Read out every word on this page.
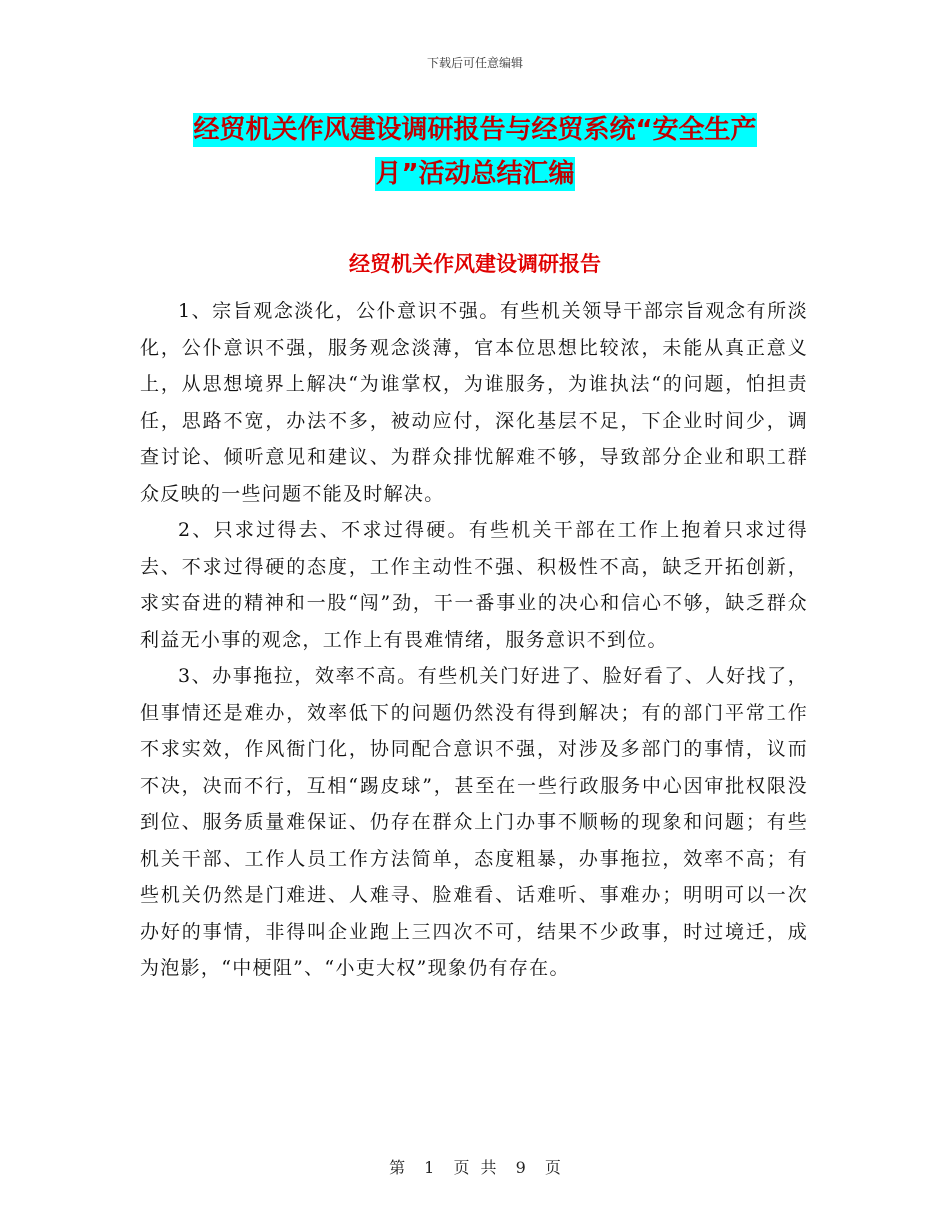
下载后可任意编辑
经贸机关作风建设调研报告与经贸系统“安全生产
月”活动总结汇编
经贸机关作风建设调研报告

1、宗旨观念淡化，公仆意识不强。有些机关领导干部宗旨观念有所淡化，公仆意识不强，服务观念淡薄，官本位思想比较浓，未能从真正意义上，从思想境界上解决“为谁掌权，为谁服务，为谁执法“的问题，怕担责任，思路不宽，办法不多，被动应付，深化基层不足，下企业时间少，调查讨论、倾听意见和建议、为群众排忧解难不够，导致部分企业和职工群众反映的一些问题不能及时解决。

2、只求过得去、不求过得硬。有些机关干部在工作上抱着只求过得去、不求过得硬的态度，工作主动性不强、积极性不高，缺乏开拓创新，求实奋进的精神和一股“闯”劲，干一番事业的决心和信心不够，缺乏群众利益无小事的观念，工作上有畏难情绪，服务意识不到位。

3、办事拖拉，效率不高。有些机关门好进了、脸好看了、人好找了，但事情还是难办，效率低下的问题仍然没有得到解决；有的部门平常工作不求实效，作风衙门化，协同配合意识不强，对涉及多部门的事情，议而不决，决而不行，互相“踢皮球”，甚至在一些行政服务中心因审批权限没到位、服务质量难保证、仍存在群众上门办事不顺畅的现象和问题；有些机关干部、工作人员工作方法简单，态度粗暴，办事拖拉，效率不高；有些机关仍然是门难进、人难寻、脸难看、话难听、事难办；明明可以一次办好的事情，非得叫企业跑上三四次不可，结果不少政事，时过境迁，成为泡影，“中梗阻”、“小吏大权”现象仍有存在。

第 1 页 共 9 页
